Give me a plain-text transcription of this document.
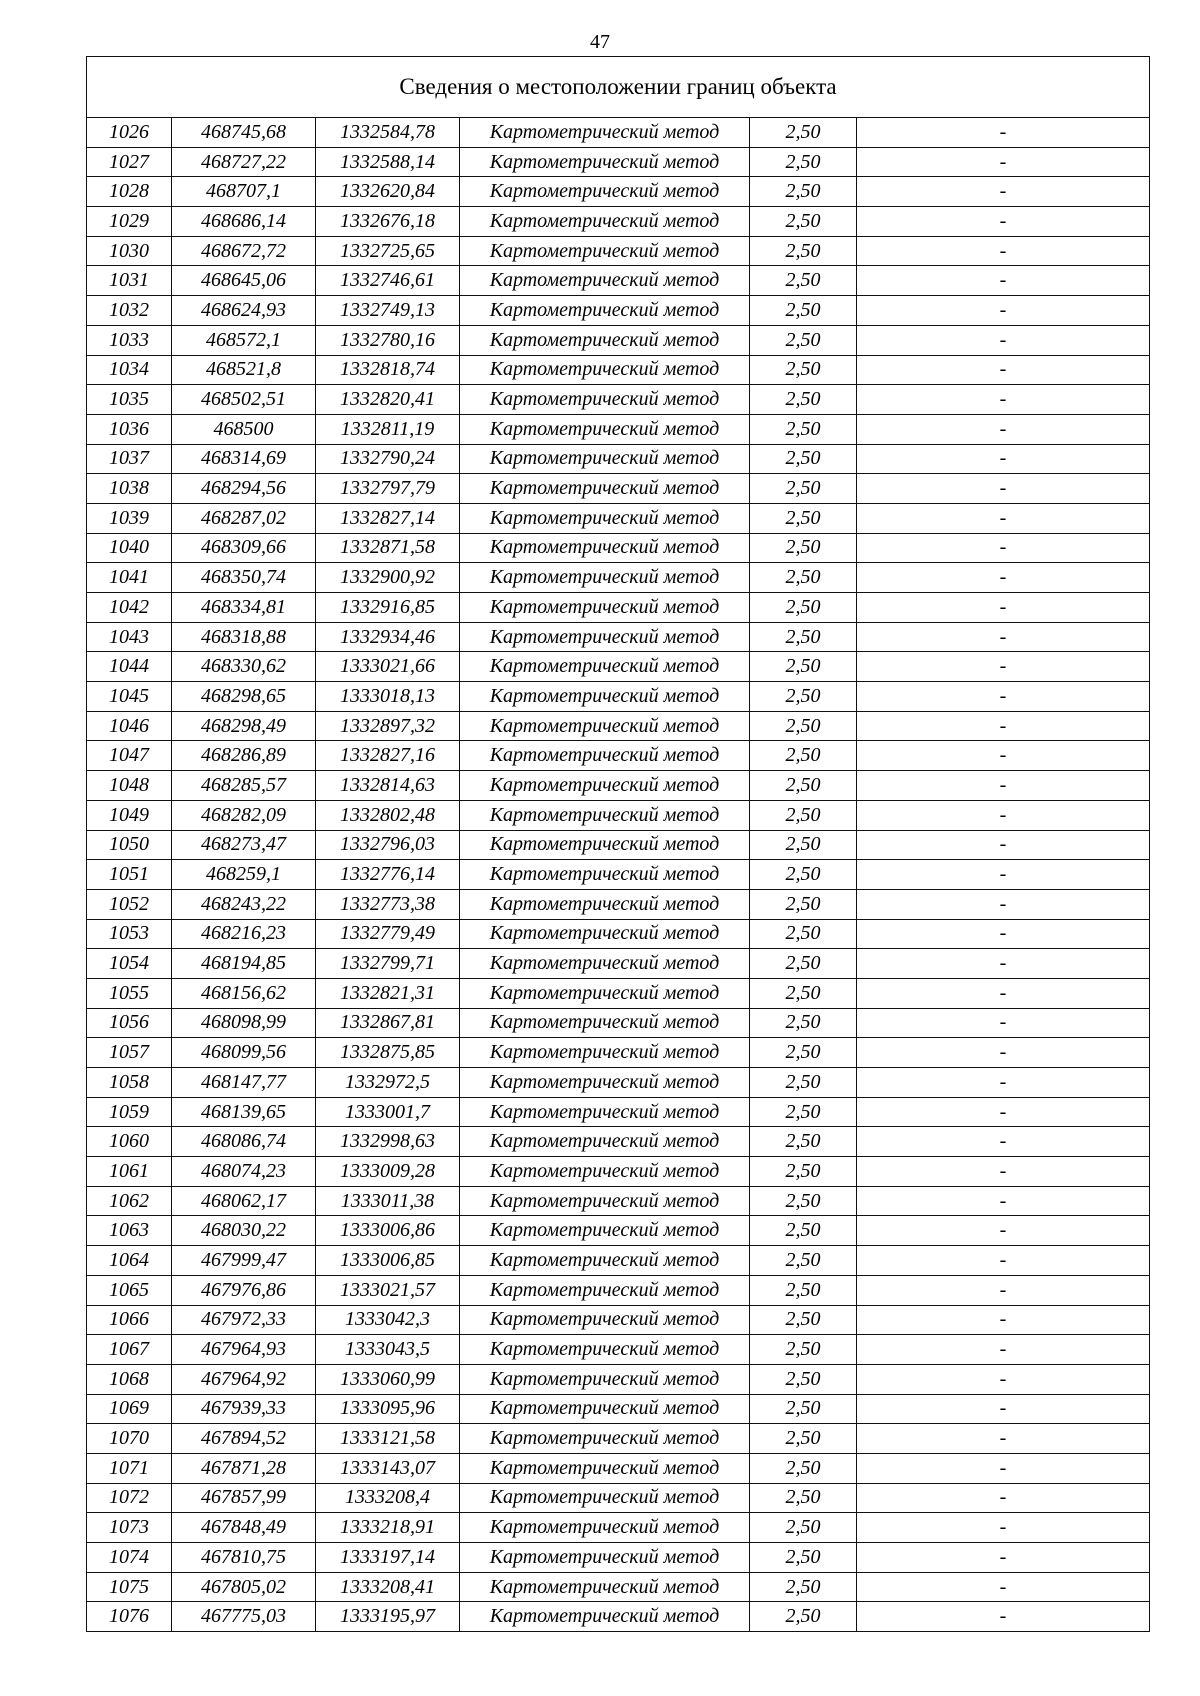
47
Сведения о местоположении границ объекта					
1026	468745,68	1332584,78	Картометрический метод	2,50	-
1027	468727,22	1332588,14	Картометрический метод	2,50	-
1028	468707,1	1332620,84	Картометрический метод	2,50	-
1029	468686,14	1332676,18	Картометрический метод	2,50	-
1030	468672,72	1332725,65	Картометрический метод	2,50	-
1031	468645,06	1332746,61	Картометрический метод	2,50	-
1032	468624,93	1332749,13	Картометрический метод	2,50	-
1033	468572,1	1332780,16	Картометрический метод	2,50	-
1034	468521,8	1332818,74	Картометрический метод	2,50	-
1035	468502,51	1332820,41	Картометрический метод	2,50	-
1036	468500	1332811,19	Картометрический метод	2,50	-
1037	468314,69	1332790,24	Картометрический метод	2,50	-
1038	468294,56	1332797,79	Картометрический метод	2,50	-
1039	468287,02	1332827,14	Картометрический метод	2,50	-
1040	468309,66	1332871,58	Картометрический метод	2,50	-
1041	468350,74	1332900,92	Картометрический метод	2,50	-
1042	468334,81	1332916,85	Картометрический метод	2,50	-
1043	468318,88	1332934,46	Картометрический метод	2,50	-
1044	468330,62	1333021,66	Картометрический метод	2,50	-
1045	468298,65	1333018,13	Картометрический метод	2,50	-
1046	468298,49	1332897,32	Картометрический метод	2,50	-
1047	468286,89	1332827,16	Картометрический метод	2,50	-
1048	468285,57	1332814,63	Картометрический метод	2,50	-
1049	468282,09	1332802,48	Картометрический метод	2,50	-
1050	468273,47	1332796,03	Картометрический метод	2,50	-
1051	468259,1	1332776,14	Картометрический метод	2,50	-
1052	468243,22	1332773,38	Картометрический метод	2,50	-
1053	468216,23	1332779,49	Картометрический метод	2,50	-
1054	468194,85	1332799,71	Картометрический метод	2,50	-
1055	468156,62	1332821,31	Картометрический метод	2,50	-
1056	468098,99	1332867,81	Картометрический метод	2,50	-
1057	468099,56	1332875,85	Картометрический метод	2,50	-
1058	468147,77	1332972,5	Картометрический метод	2,50	-
1059	468139,65	1333001,7	Картометрический метод	2,50	-
1060	468086,74	1332998,63	Картометрический метод	2,50	-
1061	468074,23	1333009,28	Картометрический метод	2,50	-
1062	468062,17	1333011,38	Картометрический метод	2,50	-
1063	468030,22	1333006,86	Картометрический метод	2,50	-
1064	467999,47	1333006,85	Картометрический метод	2,50	-
1065	467976,86	1333021,57	Картометрический метод	2,50	-
1066	467972,33	1333042,3	Картометрический метод	2,50	-
1067	467964,93	1333043,5	Картометрический метод	2,50	-
1068	467964,92	1333060,99	Картометрический метод	2,50	-
1069	467939,33	1333095,96	Картометрический метод	2,50	-
1070	467894,52	1333121,58	Картометрический метод	2,50	-
1071	467871,28	1333143,07	Картометрический метод	2,50	-
1072	467857,99	1333208,4	Картометрический метод	2,50	-
1073	467848,49	1333218,91	Картометрический метод	2,50	-
1074	467810,75	1333197,14	Картометрический метод	2,50	-
1075	467805,02	1333208,41	Картометрический метод	2,50	-
1076	467775,03	1333195,97	Картометрический метод	2,50	-
